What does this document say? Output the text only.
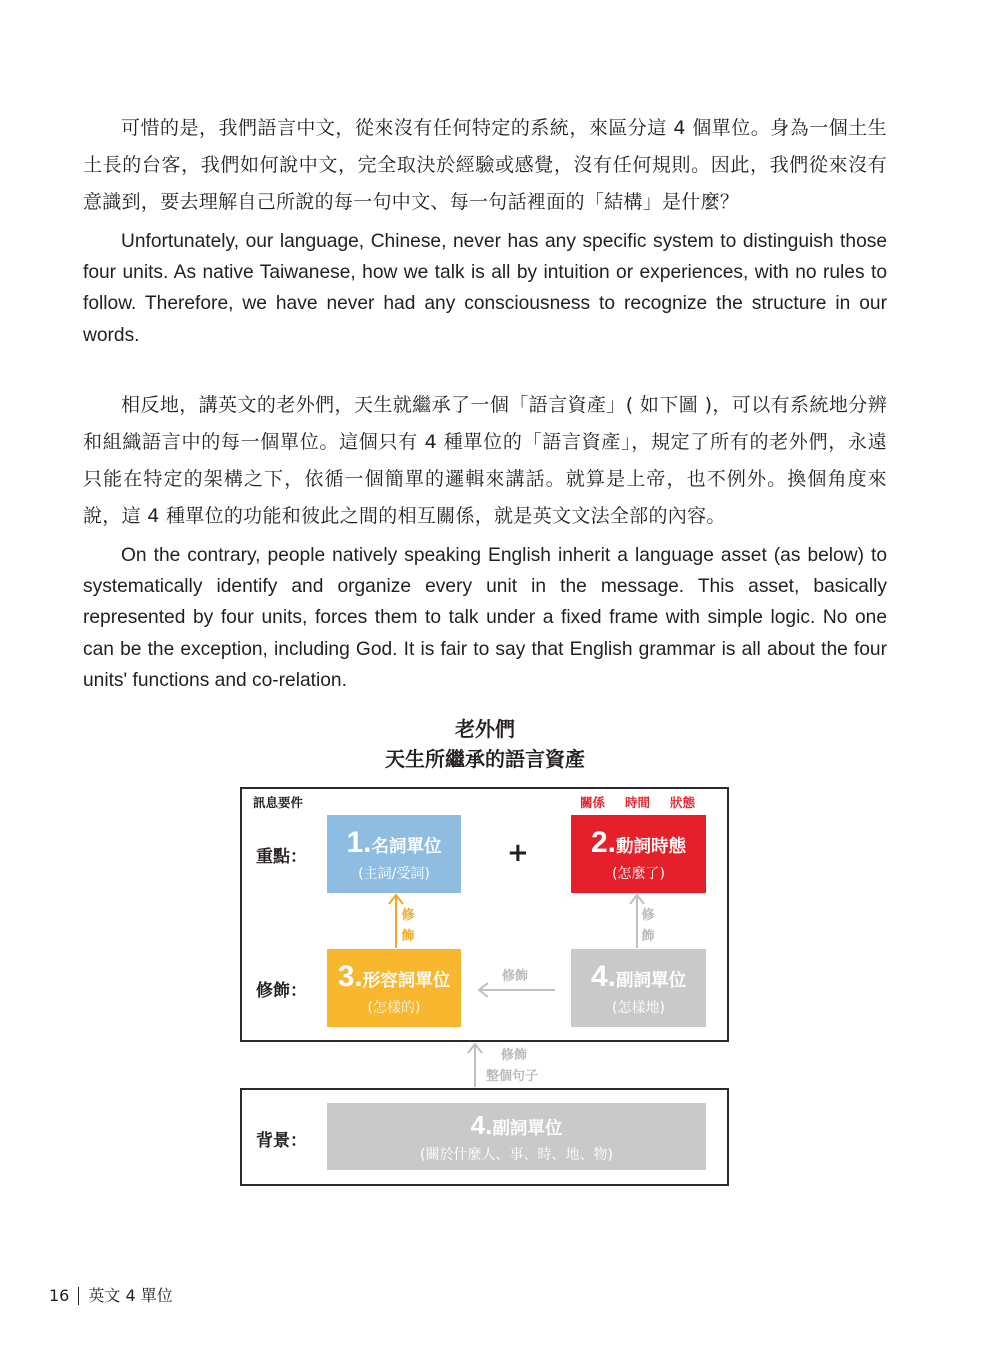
可惜的是，我們語言中文，從來沒有任何特定的系統，來區分這 4 個單位。身為一個土生土長的台客，我們如何說中文，完全取決於經驗或感覺，沒有任何規則。因此，我們從來沒有意識到，要去理解自己所說的每一句中文、每一句話裡面的「結構」是什麼？

Unfortunately, our language, Chinese, never has any specific system to distinguish those four units. As native Taiwanese, how we talk is all by intuition or experiences, with no rules to follow. Therefore, we have never had any consciousness to recognize the structure in our words.

相反地，講英文的老外們，天生就繼承了一個「語言資產」( 如下圖 )，可以有系統地分辨和組織語言中的每一個單位。這個只有 4 種單位的「語言資產」，規定了所有的老外們，永遠只能在特定的架構之下，依循一個簡單的邏輯來講話。就算是上帝，也不例外。換個角度來說，這 4 種單位的功能和彼此之間的相互關係，就是英文文法全部的內容。

On the contrary, people natively speaking English inherit a language asset (as below) to systematically identify and organize every unit in the message. This asset, basically represented by four units, forces them to talk under a fixed frame with simple logic. No one can be the exception, including God. It is fair to say that English grammar is all about the four units' functions and co-relation.

老外們
天生所繼承的語言資產
訊息要件	關係 時間 狀態
重點：
修飾：
1. 名詞單位
(主詞/受詞)
+ 2. 動詞時態
(怎麼了)
3. 形容詞單位
(怎樣的)
4. 副詞單位
(怎樣地)
修
飾
修
飾
修飾
修飾
整個句子
背景：
4. 副詞單位
(關於什麼人、事、時、地、物)
16 英文 4 單位
